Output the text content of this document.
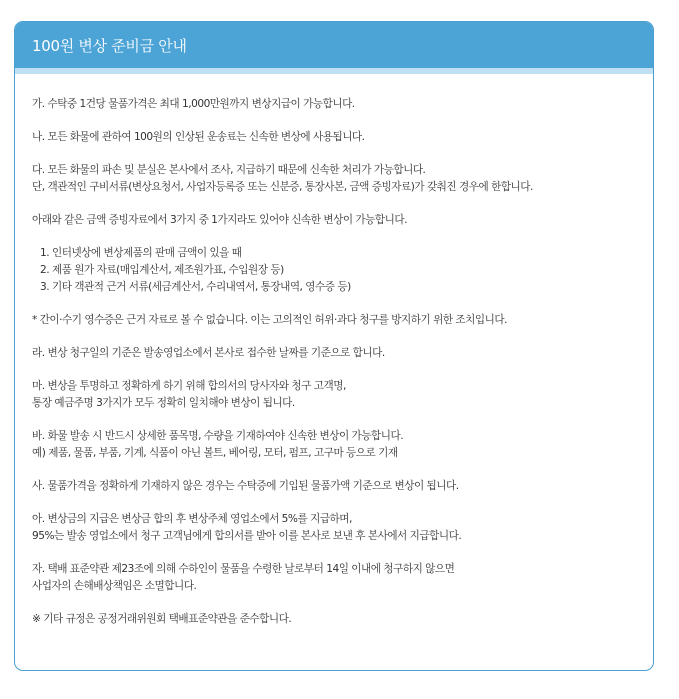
100원 변상 준비금 안내

가. 수탁중 1건당 물품가격은 최대 1,000만원까지 변상지급이 가능합니다.

나. 모든 화물에 관하여 100원의 인상된 운송료는 신속한 변상에 사용됩니다.

다. 모든 화물의 파손 및 분실은 본사에서 조사, 지급하기 때문에 신속한 처리가 가능합니다.
단, 객관적인 구비서류(변상요청서, 사업자등록증 또는 신분증, 통장사본, 금액 증빙자료)가 갖춰진 경우에 한합니다.

아래와 같은 금액 증빙자료에서 3가지 중 1가지라도 있어야 신속한 변상이 가능합니다.

1. 인터넷상에 변상제품의 판매 금액이 있을 때
2. 제품 원가 자료(매입계산서, 제조원가표, 수입원장 등)
3. 기타 객관적 근거 서류(세금계산서, 수리내역서, 통장내역, 영수증 등)

* 간이·수기 영수증은 근거 자료로 볼 수 없습니다. 이는 고의적인 허위·과다 청구를 방지하기 위한 조치입니다.

라. 변상 청구일의 기준은 발송영업소에서 본사로 접수한 날짜를 기준으로 합니다.

마. 변상을 투명하고 정확하게 하기 위해 합의서의 당사자와 청구 고객명,
통장 예금주명 3가지가 모두 정확히 일치해야 변상이 됩니다.

바. 화물 발송 시 반드시 상세한 품목명, 수량을 기재하여야 신속한 변상이 가능합니다.
예) 제품, 물품, 부품, 기계, 식품이 아닌 볼트, 베어링, 모터, 펌프, 고구마 등으로 기재

사. 물품가격을 정확하게 기재하지 않은 경우는 수탁증에 기입된 물품가액 기준으로 변상이 됩니다.

아. 변상금의 지급은 변상금 합의 후 변상주체 영업소에서 5%를 지급하며,
95%는 발송 영업소에서 청구 고객님에게 합의서를 받아 이를 본사로 보낸 후 본사에서 지급합니다.

자. 택배 표준약관 제23조에 의해 수하인이 물품을 수령한 날로부터 14일 이내에 청구하지 않으면
사업자의 손해배상책임은 소멸합니다.

※ 기타 규정은 공정거래위원회 택배표준약관을 준수합니다.
